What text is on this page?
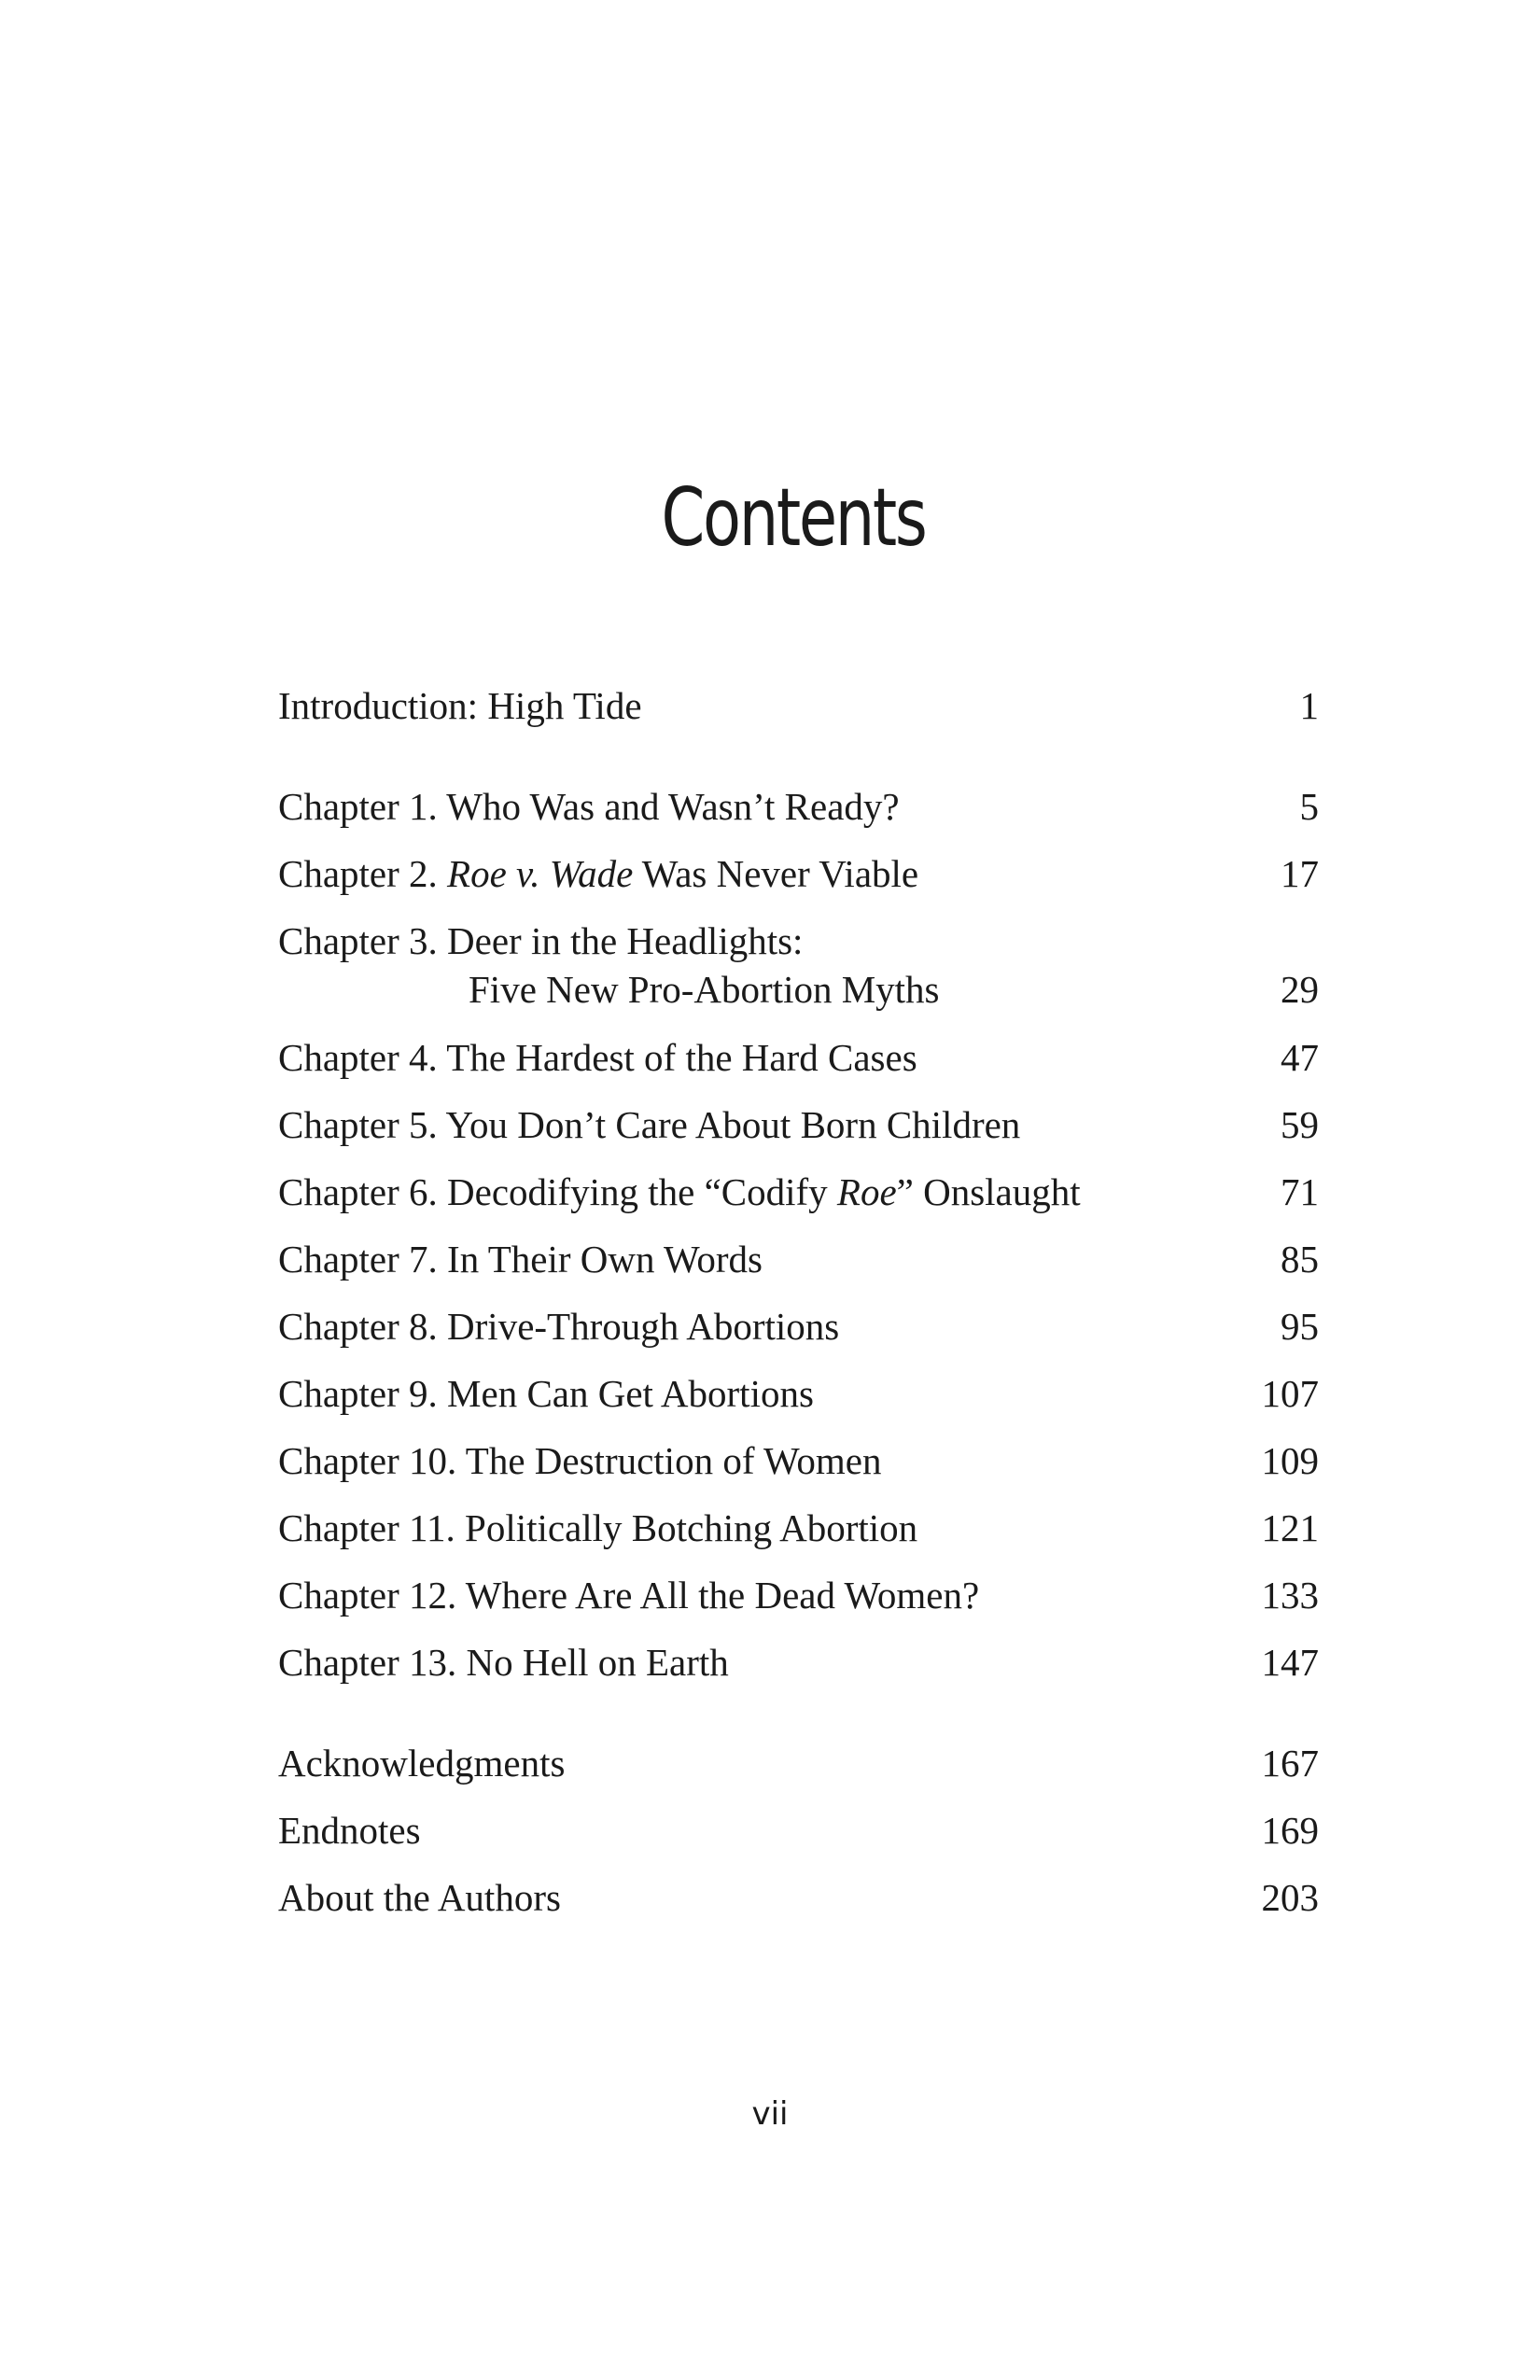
Contents
Introduction: High Tide	1
Chapter 1. Who Was and Wasn’t Ready?	5
Chapter 2. Roe v. Wade Was Never Viable	17
Chapter 3. Deer in the Headlights:
Five New Pro-Abortion Myths	29
Chapter 4. The Hardest of the Hard Cases	47
Chapter 5. You Don’t Care About Born Children	59
Chapter 6. Decodifying the “Codify Roe” Onslaught	71
Chapter 7. In Their Own Words	85
Chapter 8. Drive-Through Abortions	95
Chapter 9. Men Can Get Abortions	107
Chapter 10. The Destruction of Women	109
Chapter 11. Politically Botching Abortion	121
Chapter 12. Where Are All the Dead Women?	133
Chapter 13. No Hell on Earth	147
Acknowledgments	167
Endnotes	169
About the Authors	203
vii
